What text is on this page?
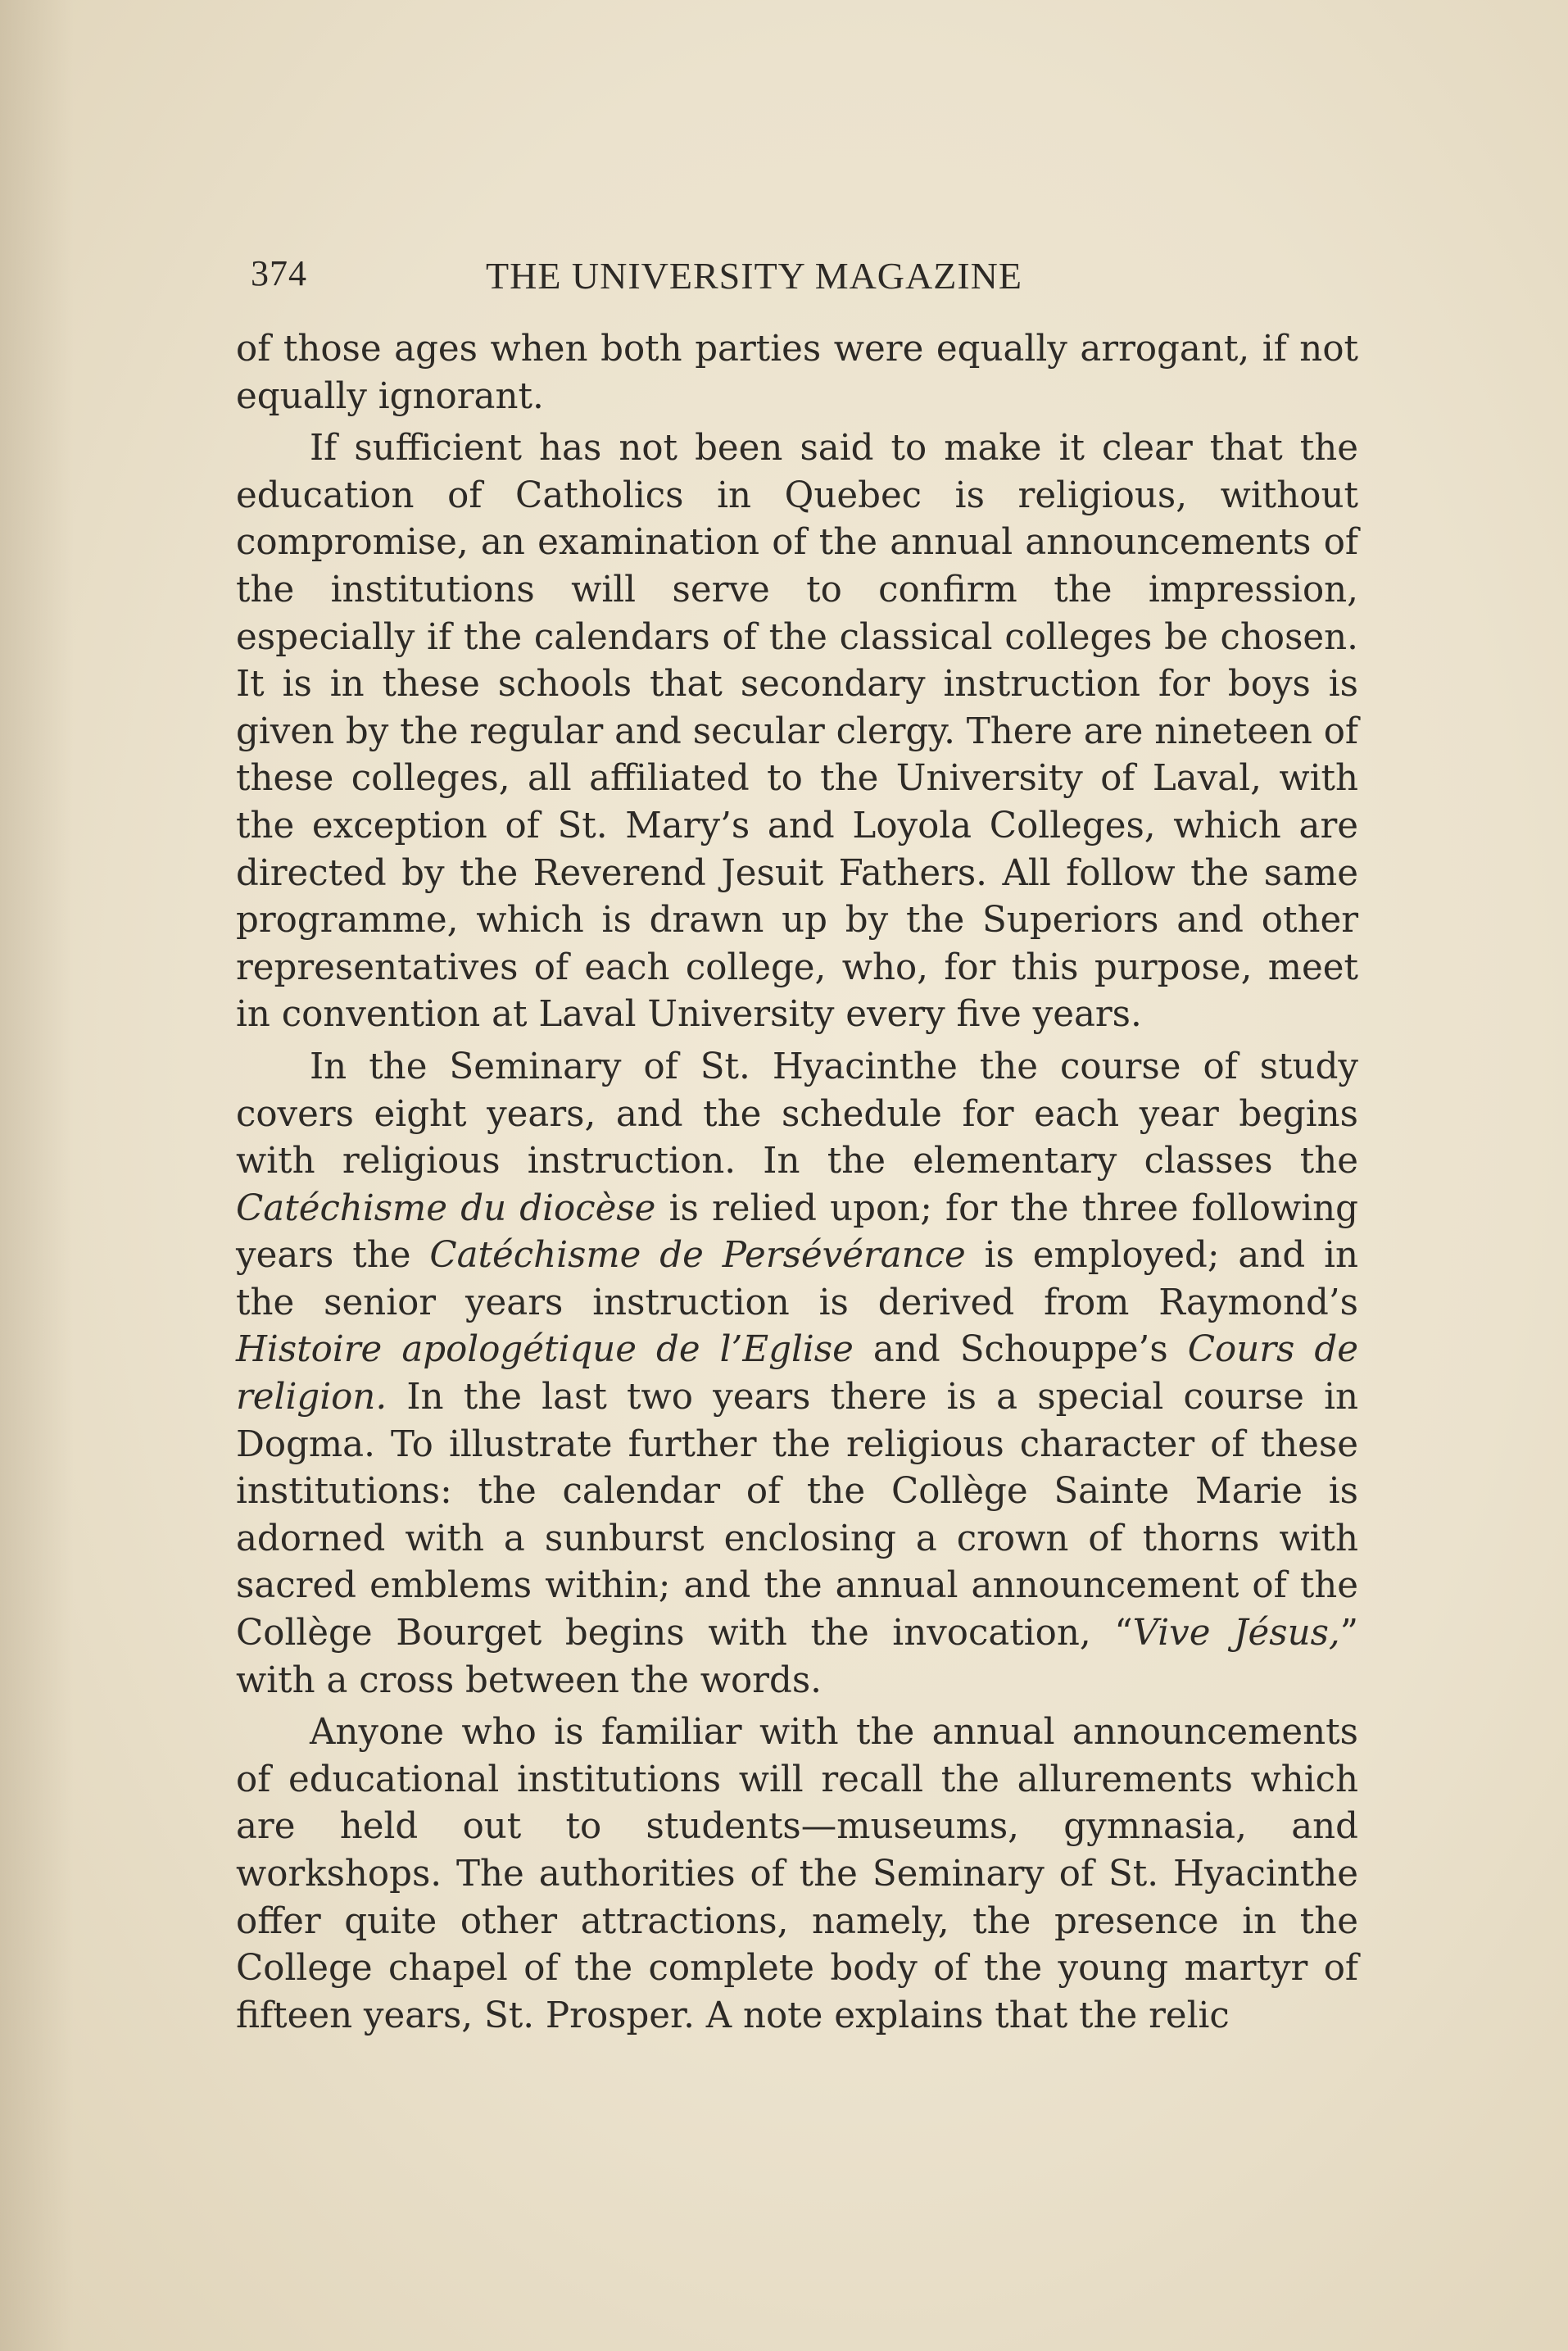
374	THE UNIVERSITY MAGAZINE

of those ages when both parties were equally arrogant, if not equally ignorant.

If sufficient has not been said to make it clear that the education of Catholics in Quebec is religious, without compromise, an examination of the annual announcements of the institutions will serve to confirm the impression, especially if the calendars of the classical colleges be chosen. It is in these schools that secondary instruction for boys is given by the regular and secular clergy. There are nineteen of these colleges, all affiliated to the University of Laval, with the exception of St. Mary’s and Loyola Colleges, which are directed by the Reverend Jesuit Fathers. All follow the same programme, which is drawn up by the Superiors and other representatives of each college, who, for this purpose, meet in convention at Laval University every five years.

In the Seminary of St. Hyacinthe the course of study covers eight years, and the schedule for each year begins with religious instruction. In the elementary classes the Catéchisme du diocèse is relied upon; for the three following years the Catéchisme de Persévérance is employed; and in the senior years instruction is derived from Raymond’s Histoire apologétique de l’Eglise and Schouppe’s Cours de religion. In the last two years there is a special course in Dogma. To illustrate further the religious character of these institutions: the calendar of the Collège Sainte Marie is adorned with a sunburst enclosing a crown of thorns with sacred emblems within; and the annual announcement of the Collège Bourget begins with the invocation, “Vive Jésus,” with a cross between the words.

Anyone who is familiar with the annual announcements of educational institutions will recall the allurements which are held out to students—museums, gymnasia, and workshops. The authorities of the Seminary of St. Hyacinthe offer quite other attractions, namely, the presence in the College chapel of the complete body of the young martyr of fifteen years, St. Prosper. A note explains that the relic
